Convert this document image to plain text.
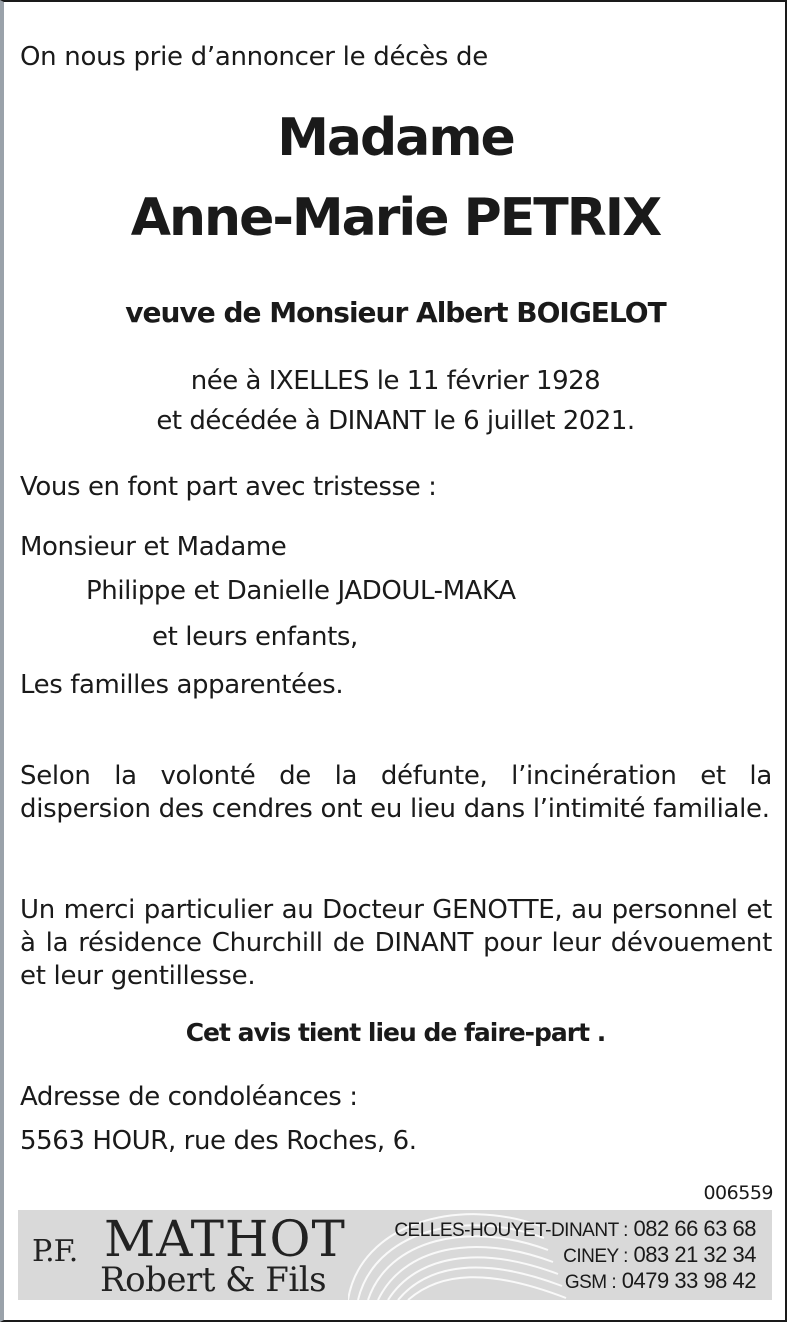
On nous prie d’annoncer le décès de
Madame
Anne-Marie PETRIX
veuve de Monsieur Albert BOIGELOT
née à IXELLES le 11 février 1928
et décédée à DINANT le 6 juillet 2021.
Vous en font part avec tristesse :
Monsieur et Madame
Philippe et Danielle JADOUL-MAKA
et leurs enfants,
Les familles apparentées.
Selon la volonté de la défunte, l’incinération et la dispersion des cendres ont eu lieu dans l’intimité familiale.
Un merci particulier au Docteur GENOTTE, au personnel et à la résidence Churchill de DINANT pour leur dévouement et leur gentillesse.
Cet avis tient lieu de faire-part .
Adresse de condoléances :
5563 HOUR, rue des Roches, 6.
006559
P.F. MATHOT
Robert & Fils
CELLES-HOUYET-DINANT : 082 66 63 68
CINEY : 083 21 32 34
GSM : 0479 33 98 42
